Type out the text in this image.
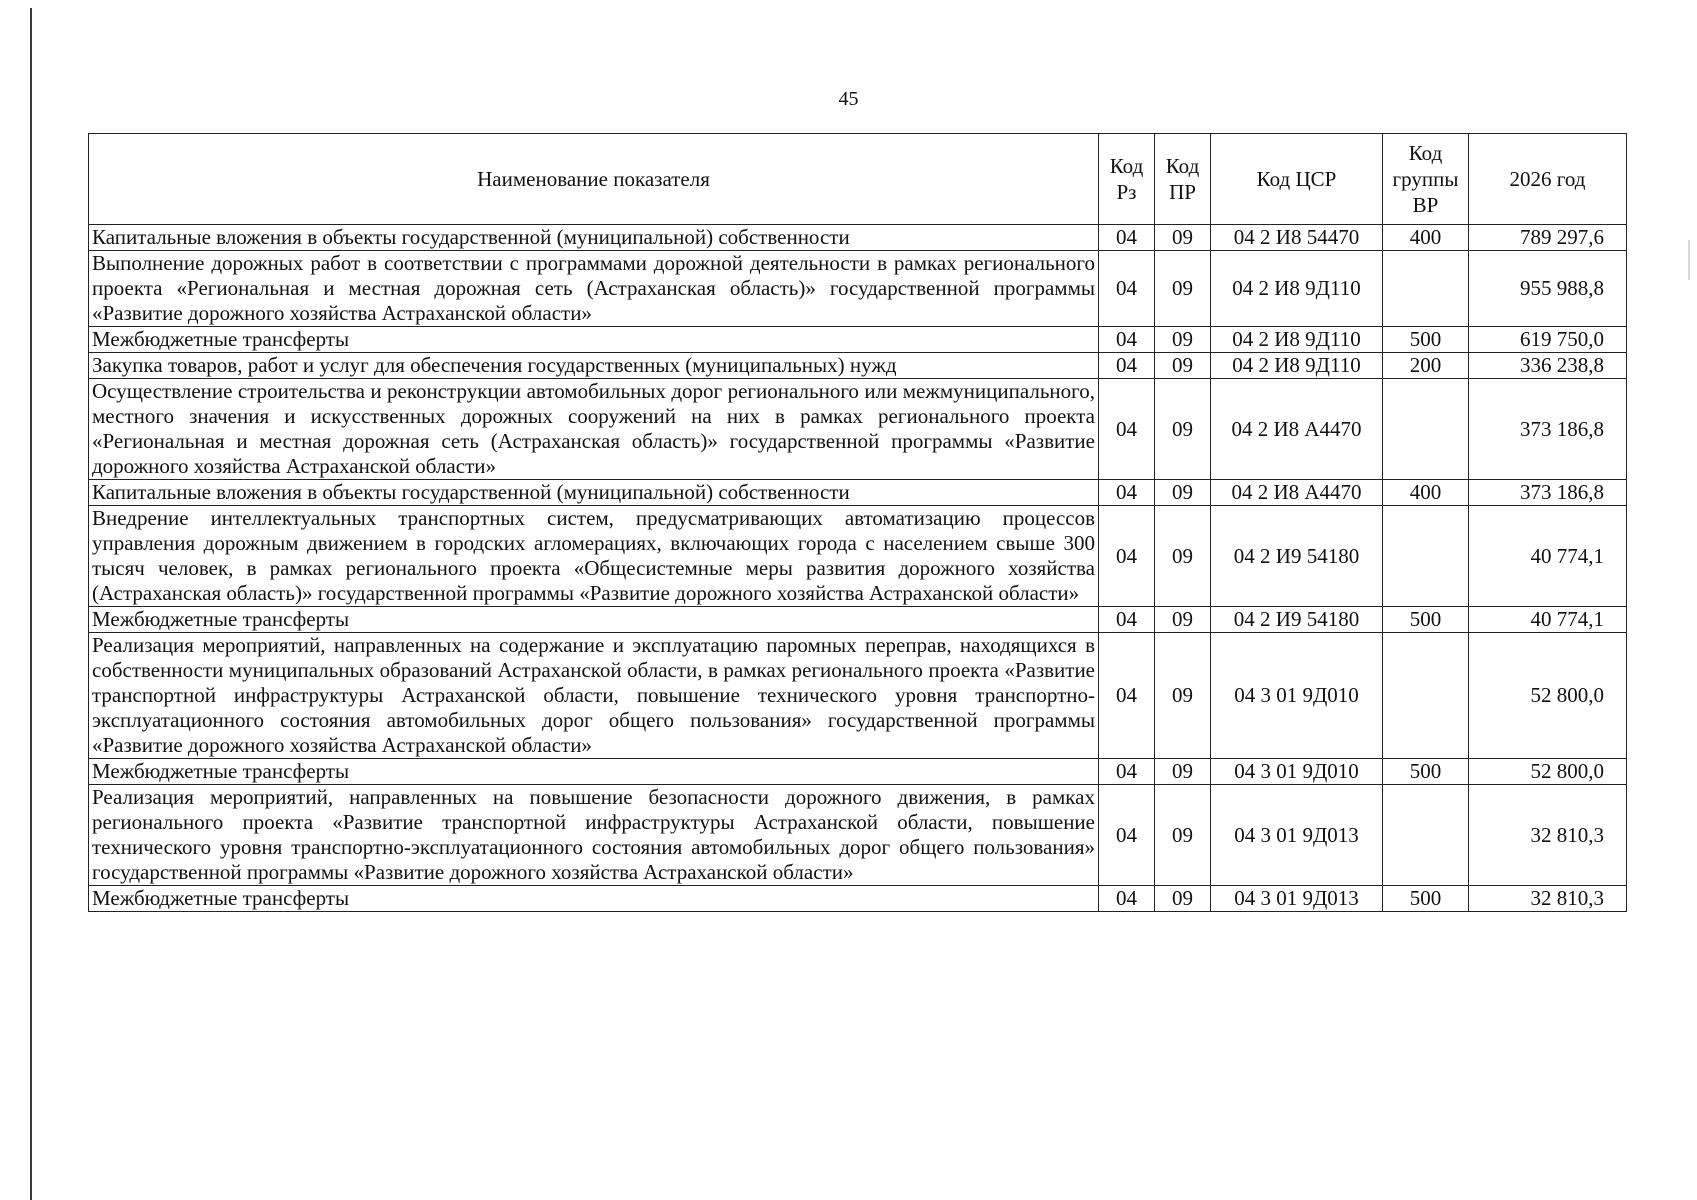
45
Наименование показателя	Код Рз	Код ПР	Код ЦСР	Код группы ВР	2026 год
Капитальные вложения в объекты государственной (муниципальной) собственности	04	09	04 2 И8 54470	400	789 297,6
Выполнение дорожных работ в соответствии с программами дорожной деятельности в рамках регионального проекта «Региональная и местная дорожная сеть (Астраханская область)» государственной программы «Развитие дорожного хозяйства Астраханской области»	04	09	04 2 И8 9Д110		955 988,8
Межбюджетные трансферты	04	09	04 2 И8 9Д110	500	619 750,0
Закупка товаров, работ и услуг для обеспечения государственных (муниципальных) нужд	04	09	04 2 И8 9Д110	200	336 238,8
Осуществление строительства и реконструкции автомобильных дорог регионального или межмуниципального, местного значения и искусственных дорожных сооружений на них в рамках регионального проекта «Региональная и местная дорожная сеть (Астраханская область)» государственной программы «Развитие дорожного хозяйства Астраханской области»	04	09	04 2 И8 А4470		373 186,8
Капитальные вложения в объекты государственной (муниципальной) собственности	04	09	04 2 И8 А4470	400	373 186,8
Внедрение интеллектуальных транспортных систем, предусматривающих автоматизацию процессов управления дорожным движением в городских агломерациях, включающих города с населением свыше 300 тысяч человек, в рамках регионального проекта «Общесистемные меры развития дорожного хозяйства (Астраханская область)» государственной программы «Развитие дорожного хозяйства Астраханской области»	04	09	04 2 И9 54180		40 774,1
Межбюджетные трансферты	04	09	04 2 И9 54180	500	40 774,1
Реализация мероприятий, направленных на содержание и эксплуатацию паромных переправ, находящихся в собственности муниципальных образований Астраханской области, в рамках регионального проекта «Развитие транспортной инфраструктуры Астраханской области, повышение технического уровня транспортно-эксплуатационного состояния автомобильных дорог общего пользования» государственной программы «Развитие дорожного хозяйства Астраханской области»	04	09	04 3 01 9Д010		52 800,0
Межбюджетные трансферты	04	09	04 3 01 9Д010	500	52 800,0
Реализация мероприятий, направленных на повышение безопасности дорожного движения, в рамках регионального проекта «Развитие транспортной инфраструктуры Астраханской области, повышение технического уровня транспортно-эксплуатационного состояния автомобильных дорог общего пользования» государственной программы «Развитие дорожного хозяйства Астраханской области»	04	09	04 3 01 9Д013		32 810,3
Межбюджетные трансферты	04	09	04 3 01 9Д013	500	32 810,3
